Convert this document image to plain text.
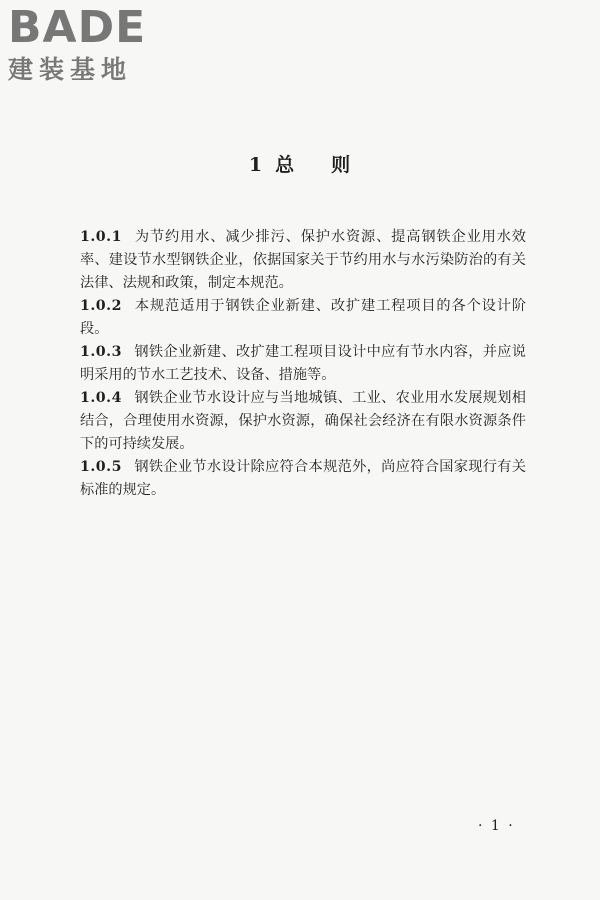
BADE
建装基地
1 总 则

1.0.1 为节约用水、减少排污、保护水资源、提高钢铁企业用水效率、建设节水型钢铁企业，依据国家关于节约用水与水污染防治的有关法律、法规和政策，制定本规范。

1.0.2 本规范适用于钢铁企业新建、改扩建工程项目的各个设计阶段。

1.0.3 钢铁企业新建、改扩建工程项目设计中应有节水内容，并应说明采用的节水工艺技术、设备、措施等。

1.0.4 钢铁企业节水设计应与当地城镇、工业、农业用水发展规划相结合，合理使用水资源，保护水资源，确保社会经济在有限水资源条件下的可持续发展。

1.0.5 钢铁企业节水设计除应符合本规范外，尚应符合国家现行有关标准的规定。

· 1 ·
